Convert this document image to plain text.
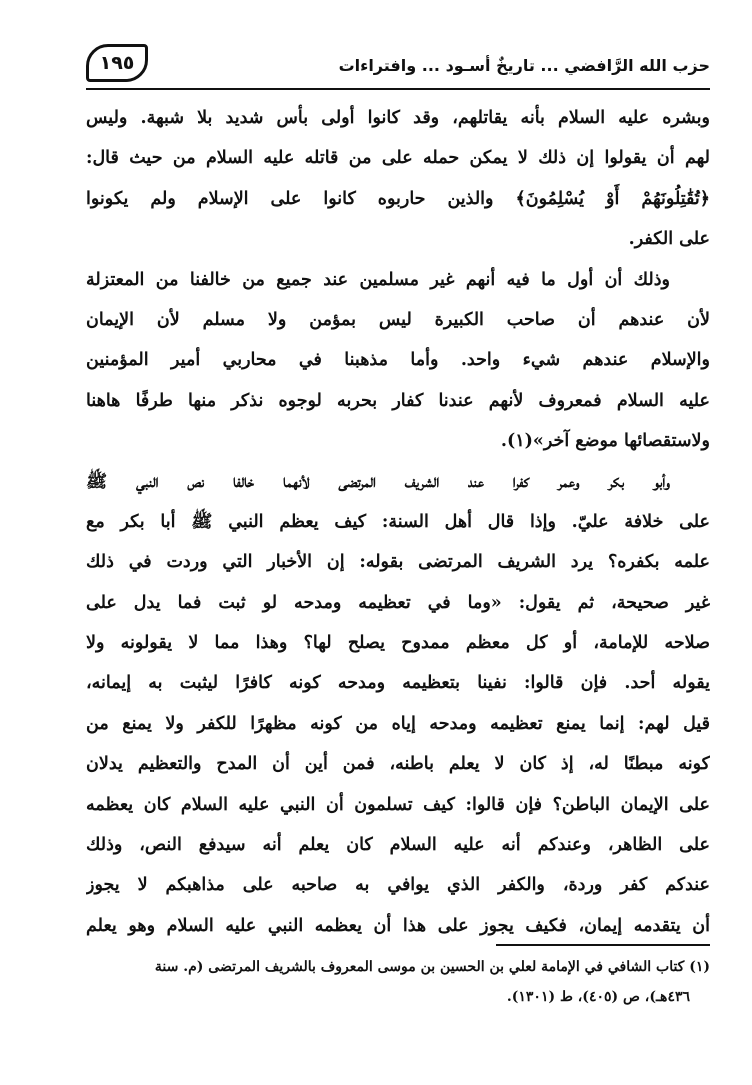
حزب الله الرَّافضي ... تاريخٌ أسـود ... وافتراءات
١٩٥
وبشره عليه السلام بأنه يقاتلهم، وقد كانوا أولى بأس شديد بلا شبهة. وليس
لهم أن يقولوا إن ذلك لا يمكن حمله على من قاتله عليه السلام من حيث قال:
﴿تُقَٰتِلُونَهُمْ أَوْ يُسْلِمُونَ﴾ والذين حاربوه كانوا على الإسلام ولم يكونوا
على الكفر.
وذلك أن أول ما فيه أنهم غير مسلمين عند جميع من خالفنا من المعتزلة
لأن عندهم أن صاحب الكبيرة ليس بمؤمن ولا مسلم لأن الإيمان
والإسلام عندهم شيء واحد. وأما مذهبنا في محاربي أمير المؤمنين
عليه السلام فمعروف لأنهم عندنا كفار بحربه لوجوه نذكر منها طرفًا هاهنا
ولاستقصائها موضع آخر»(١).
وأبو بكر وعمر كفرا عند الشريف المرتضى لأنهما خالفا نص النبي ﷺ
على خلافة عليّ. وإذا قال أهل السنة: كيف يعظم النبي ﷺ أبا بكر مع
علمه بكفره؟ يرد الشريف المرتضى بقوله: إن الأخبار التي وردت في ذلك
غير صحيحة، ثم يقول: «وما في تعظيمه ومدحه لو ثبت فما يدل على
صلاحه للإمامة، أو كل معظم ممدوح يصلح لها؟ وهذا مما لا يقولونه ولا
يقوله أحد. فإن قالوا: نفينا بتعظيمه ومدحه كونه كافرًا ليثبت به إيمانه،
قيل لهم: إنما يمنع تعظيمه ومدحه إياه من كونه مظهرًا للكفر ولا يمنع من
كونه مبطنًا له، إذ كان لا يعلم باطنه، فمن أين أن المدح والتعظيم يدلان
على الإيمان الباطن؟ فإن قالوا: كيف تسلمون أن النبي عليه السلام كان يعظمه
على الظاهر، وعندكم أنه عليه السلام كان يعلم أنه سيدفع النص، وذلك
عندكم كفر وردة، والكفر الذي يوافي به صاحبه على مذاهبكم لا يجوز
أن يتقدمه إيمان، فكيف يجوز على هذا أن يعظمه النبي عليه السلام وهو يعلم
(١) كتاب الشافي في الإمامة لعلي بن الحسين بن موسى المعروف بالشريف المرتضى (م. سنة
٤٣٦هـ)، ص (٤٠٥)، ط (١٣٠١).
